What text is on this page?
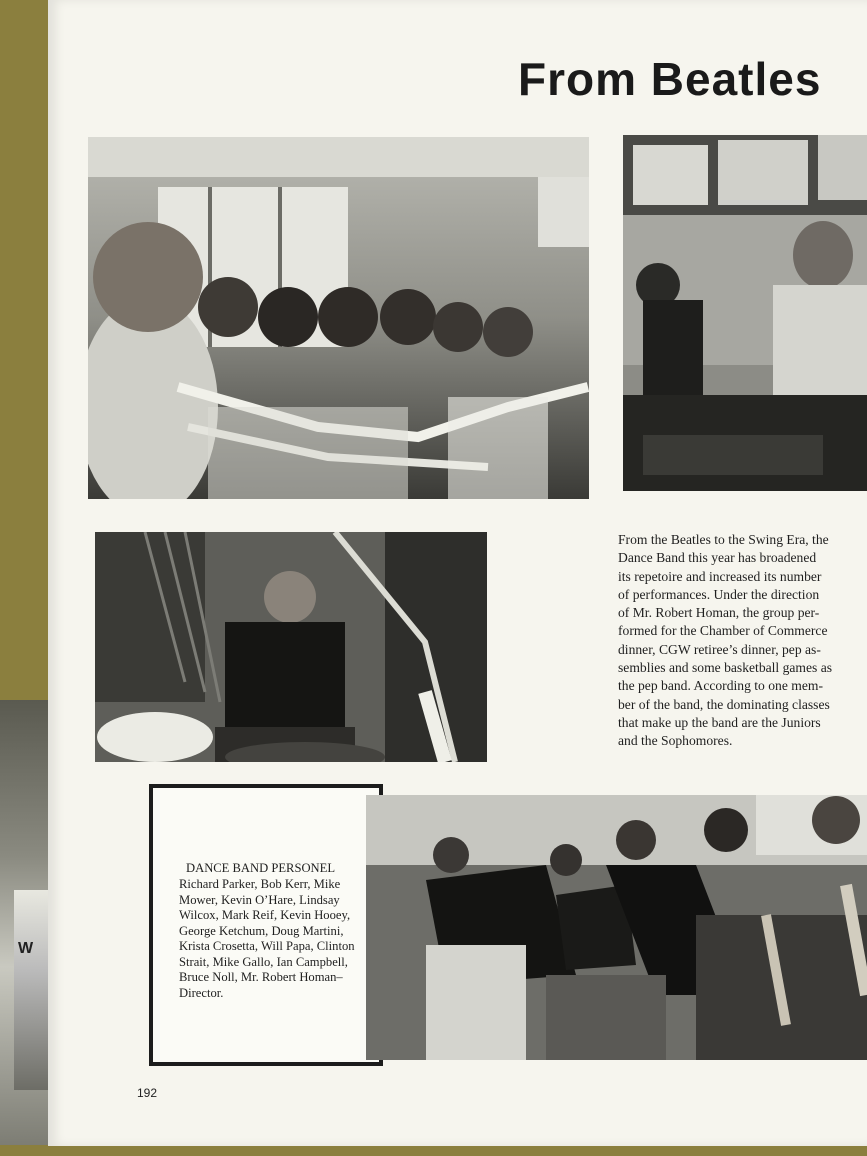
W
From Beatles
From the Beatles to the Swing Era, the
Dance Band this year has broadened
its repetoire and increased its number
of performances. Under the direction
of Mr. Robert Homan, the group per-
formed for the Chamber of Commerce
dinner, CGW retiree’s dinner, pep as-
semblies and some basketball games as
the pep band. According to one mem-
ber of the band, the dominating classes
that make up the band are the Juniors
and the Sophomores.
DANCE BAND PERSONEL
Richard Parker, Bob Kerr, Mike
Mower, Kevin O’Hare, Lindsay
Wilcox, Mark Reif, Kevin Hooey,
George Ketchum, Doug Martini,
Krista Crosetta, Will Papa, Clinton
Strait, Mike Gallo, Ian Campbell,
Bruce Noll, Mr. Robert Homan–
Director.
192
